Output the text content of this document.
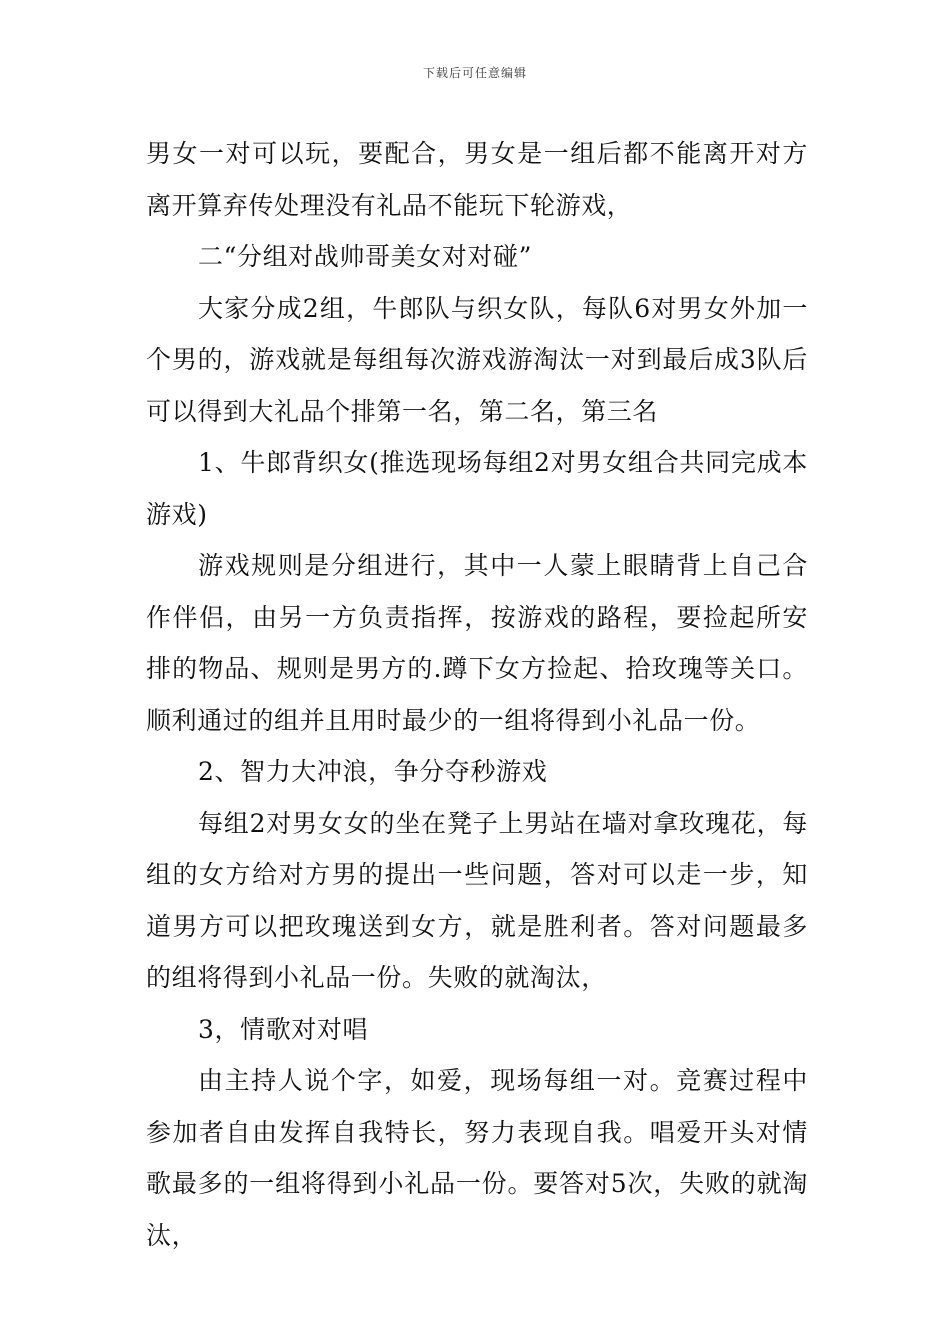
下载后可任意编辑

男女一对可以玩，要配合，男女是一组后都不能离开对方离开算弃传处理没有礼品不能玩下轮游戏，

二“分组对战帅哥美女对对碰”

大家分成2组，牛郎队与织女队，每队6对男女外加一个男的，游戏就是每组每次游戏游淘汰一对到最后成3队后可以得到大礼品个排第一名，第二名，第三名

1、牛郎背织女(推选现场每组2对男女组合共同完成本游戏)

游戏规则是分组进行，其中一人蒙上眼睛背上自己合作伴侣，由另一方负责指挥，按游戏的路程，要捡起所安排的物品、规则是男方的.蹲下女方捡起、拾玫瑰等关口。顺利通过的组并且用时最少的一组将得到小礼品一份。

2、智力大冲浪，争分夺秒游戏

每组2对男女女的坐在凳子上男站在墙对拿玫瑰花，每组的女方给对方男的提出一些问题，答对可以走一步，知道男方可以把玫瑰送到女方，就是胜利者。答对问题最多的组将得到小礼品一份。失败的就淘汰，

3，情歌对对唱

由主持人说个字，如爱，现场每组一对。竞赛过程中参加者自由发挥自我特长，努力表现自我。唱爱开头对情歌最多的一组将得到小礼品一份。要答对5次，失败的就淘汰，
